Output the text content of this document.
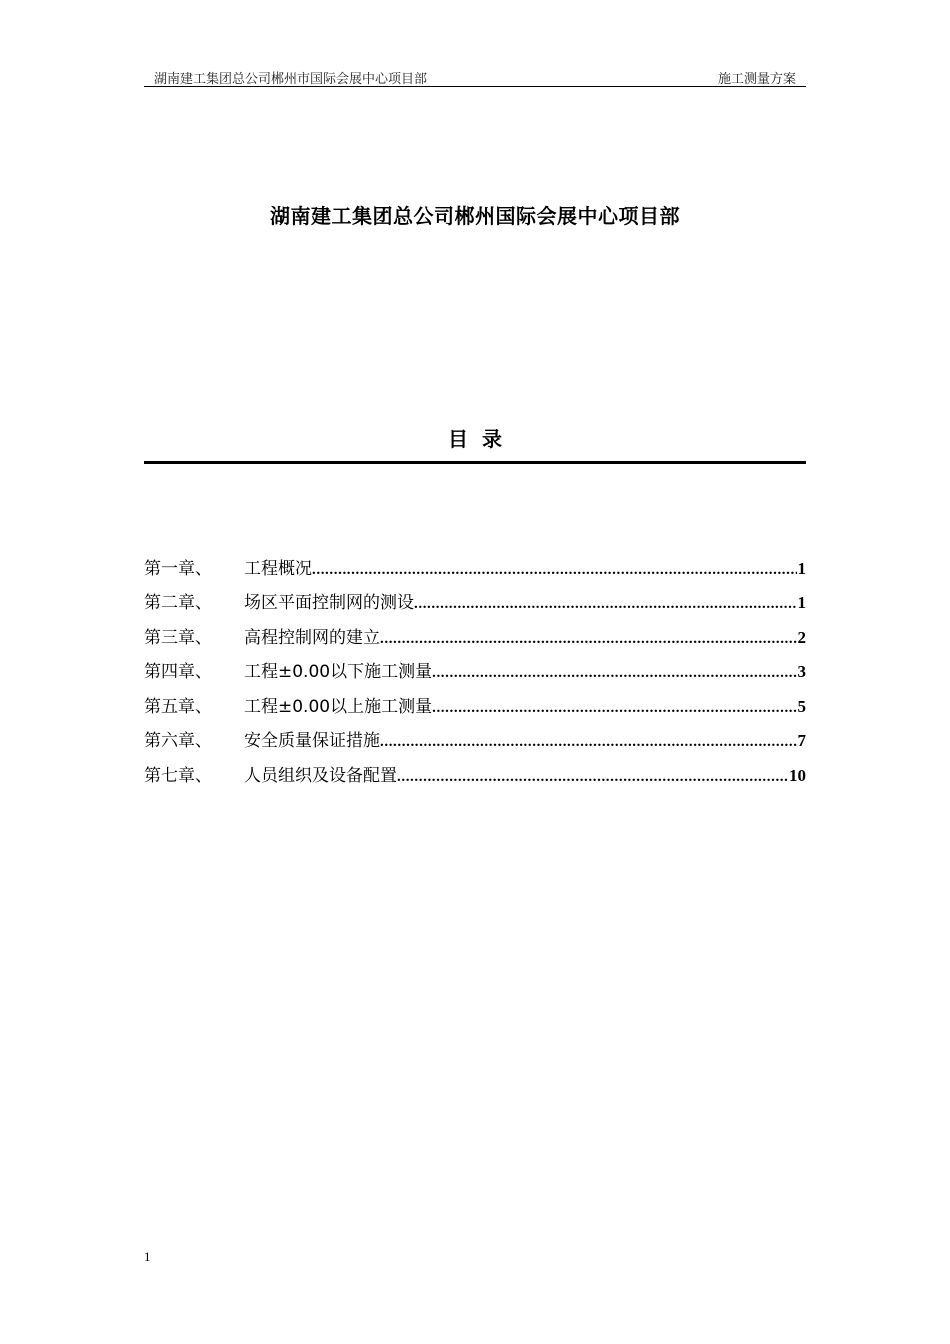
湖南建工集团总公司郴州市国际会展中心项目部	施工测量方案
湖南建工集团总公司郴州国际会展中心项目部
目录
第一章、	工程概况 .....	1
第二章、	场区平面控制网的测设 .....	1
第三章、	高程控制网的建立 .....	2
第四章、	工程±0.00以下施工测量 .....	3
第五章、	工程±0.00以上施工测量 .....	5
第六章、	安全质量保证措施 .....	7
第七章、	人员组织及设备配置 .....	10
1
